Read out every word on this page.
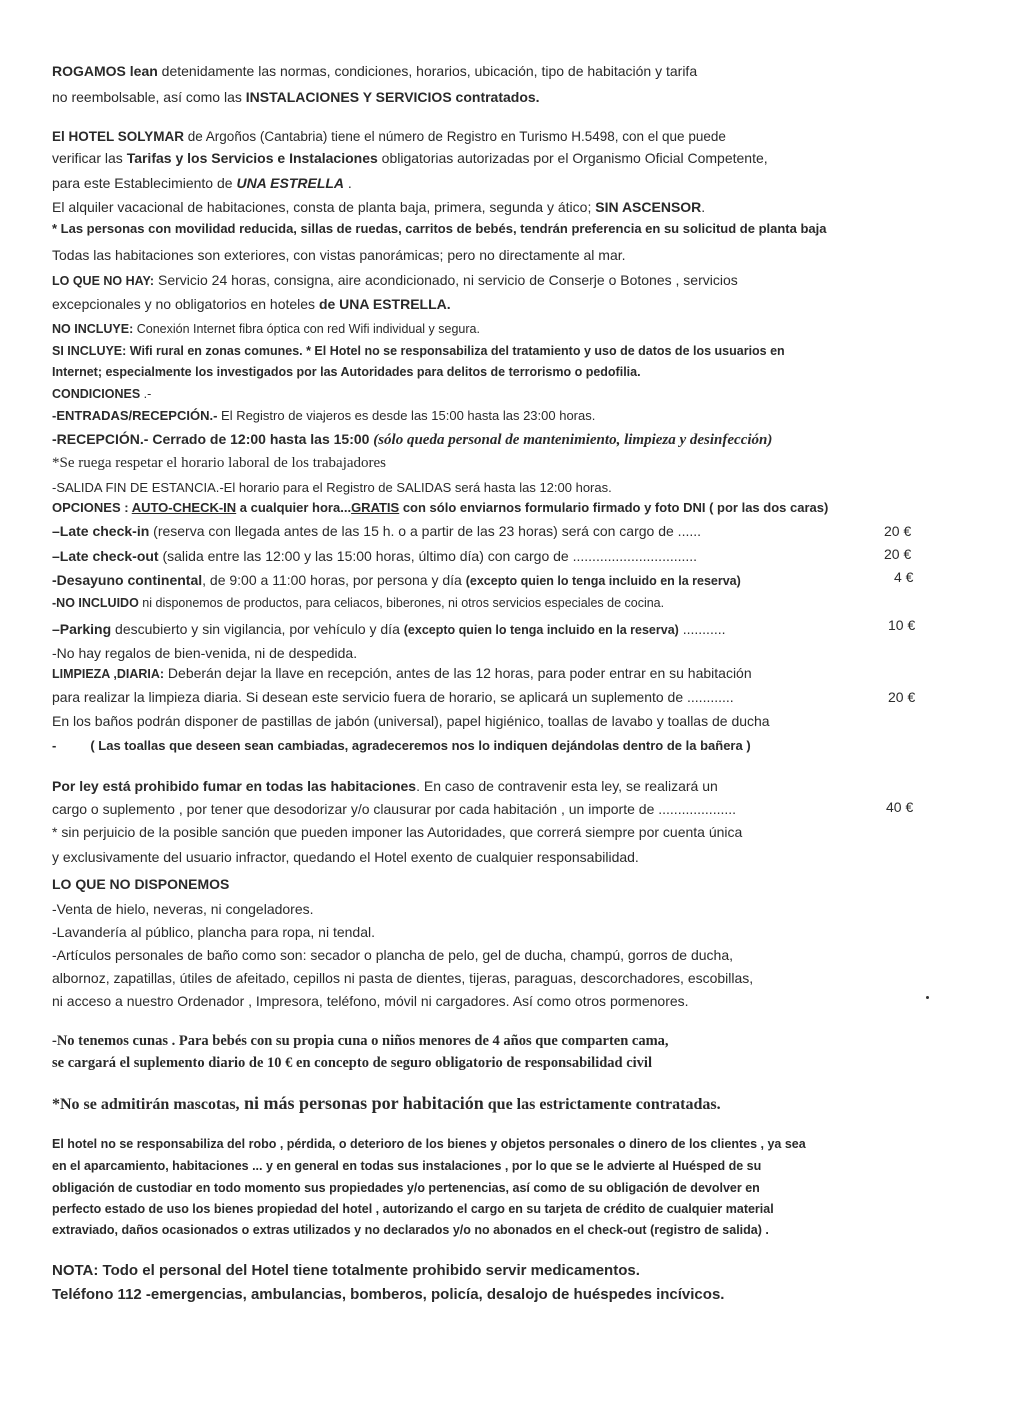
ROGAMOS lean detenidamente las normas, condiciones, horarios, ubicación, tipo de habitación y tarifa
no reembolsable, así como las INSTALACIONES Y SERVICIOS contratados.
El HOTEL SOLYMAR de Argoños (Cantabria) tiene el número de Registro en Turismo H.5498, con el que puede
verificar las Tarifas y los Servicios e Instalaciones obligatorias autorizadas por el Organismo Oficial Competente,
para este Establecimiento de UNA ESTRELLA .
El alquiler vacacional de habitaciones, consta de planta baja, primera, segunda y ático; SIN ASCENSOR.
* Las personas con movilidad reducida, sillas de ruedas, carritos de bebés, tendrán preferencia en su solicitud de planta baja
Todas las habitaciones son exteriores, con vistas panorámicas; pero no directamente al mar.
LO QUE NO HAY: Servicio 24 horas, consigna, aire acondicionado, ni servicio de Conserje o Botones , servicios
excepcionales y no obligatorios en hoteles de UNA ESTRELLA.
NO INCLUYE: Conexión Internet fibra óptica con red Wifi individual y segura.
SI INCLUYE: Wifi rural en zonas comunes. * El Hotel no se responsabiliza del tratamiento y uso de datos de los usuarios en
Internet; especialmente los investigados por las Autoridades para delitos de terrorismo o pedofilia.
CONDICIONES .-
-ENTRADAS/RECEPCIÓN.- El Registro de viajeros es desde las 15:00 hasta las 23:00 horas.
-RECEPCIÓN.- Cerrado de 12:00 hasta las 15:00 (sólo queda personal de mantenimiento, limpieza y desinfección)
*Se ruega respetar el horario laboral de los trabajadores
-SALIDA FIN DE ESTANCIA.-El horario para el Registro de SALIDAS será hasta las 12:00 horas.
OPCIONES : AUTO-CHECK-IN a cualquier hora...GRATIS con sólo enviarnos formulario firmado y foto DNI ( por las dos caras)
–Late check-in (reserva con llegada antes de las 15 h. o a partir de las 23 horas) será con cargo de ......	20 €
–Late check-out (salida entre las 12:00 y las 15:00 horas, último día) con cargo de ................................	20 €
-Desayuno continental, de 9:00 a 11:00 horas, por persona y día (excepto quien lo tenga incluido en la reserva)	4 €
-NO INCLUIDO ni disponemos de productos, para celiacos, biberones, ni otros servicios especiales de cocina.
–Parking descubierto y sin vigilancia, por vehículo y día (excepto quien lo tenga incluido en la reserva) ...........	10 €
-No hay regalos de bien-venida, ni de despedida.
LIMPIEZA ,DIARIA: Deberán dejar la llave en recepción, antes de las 12 horas, para poder entrar en su habitación
para realizar la limpieza diaria. Si desean este servicio fuera de horario, se aplicará un suplemento de ............	20 €
En los baños podrán disponer de pastillas de jabón (universal), papel higiénico, toallas de lavabo y toallas de ducha
-	( Las toallas que deseen sean cambiadas, agradeceremos nos lo indiquen dejándolas dentro de la bañera )
Por ley está prohibido fumar en todas las habitaciones. En caso de contravenir esta ley, se realizará un
cargo o suplemento , por tener que desodorizar y/o clausurar por cada habitación , un importe de ....................	40 €
* sin perjuicio de la posible sanción que pueden imponer las Autoridades, que correrá siempre por cuenta única
y exclusivamente del usuario infractor, quedando el Hotel exento de cualquier responsabilidad.
LO QUE NO DISPONEMOS
-Venta de hielo, neveras, ni congeladores.
-Lavandería al público, plancha para ropa, ni tendal.
-Artículos personales de baño como son: secador o plancha de pelo, gel de ducha, champú, gorros de ducha,
albornoz, zapatillas, útiles de afeitado, cepillos ni pasta de dientes, tijeras, paraguas, descorchadores, escobillas,
ni acceso a nuestro Ordenador , Impresora, teléfono, móvil ni cargadores. Así como otros pormenores.
-No tenemos cunas . Para bebés con su propia cuna o niños menores de 4 años que comparten cama,
se cargará el suplemento diario de 10 € en concepto de seguro obligatorio de responsabilidad civil
*No se admitirán mascotas, ni más personas por habitación que las estrictamente contratadas.
El hotel no se responsabiliza del robo , pérdida, o deterioro de los bienes y objetos personales o dinero de los clientes , ya sea
en el aparcamiento, habitaciones ... y en general en todas sus instalaciones , por lo que se le advierte al Huésped de su
obligación de custodiar en todo momento sus propiedades y/o pertenencias, así como de su obligación de devolver en
perfecto estado de uso los bienes propiedad del hotel , autorizando el cargo en su tarjeta de crédito de cualquier material
extraviado, daños ocasionados o extras utilizados y no declarados y/o no abonados en el check-out (registro de salida) .
NOTA: Todo el personal del Hotel tiene totalmente prohibido servir medicamentos.
Teléfono 112 -emergencias, ambulancias, bomberos, policía, desalojo de huéspedes incívicos.
